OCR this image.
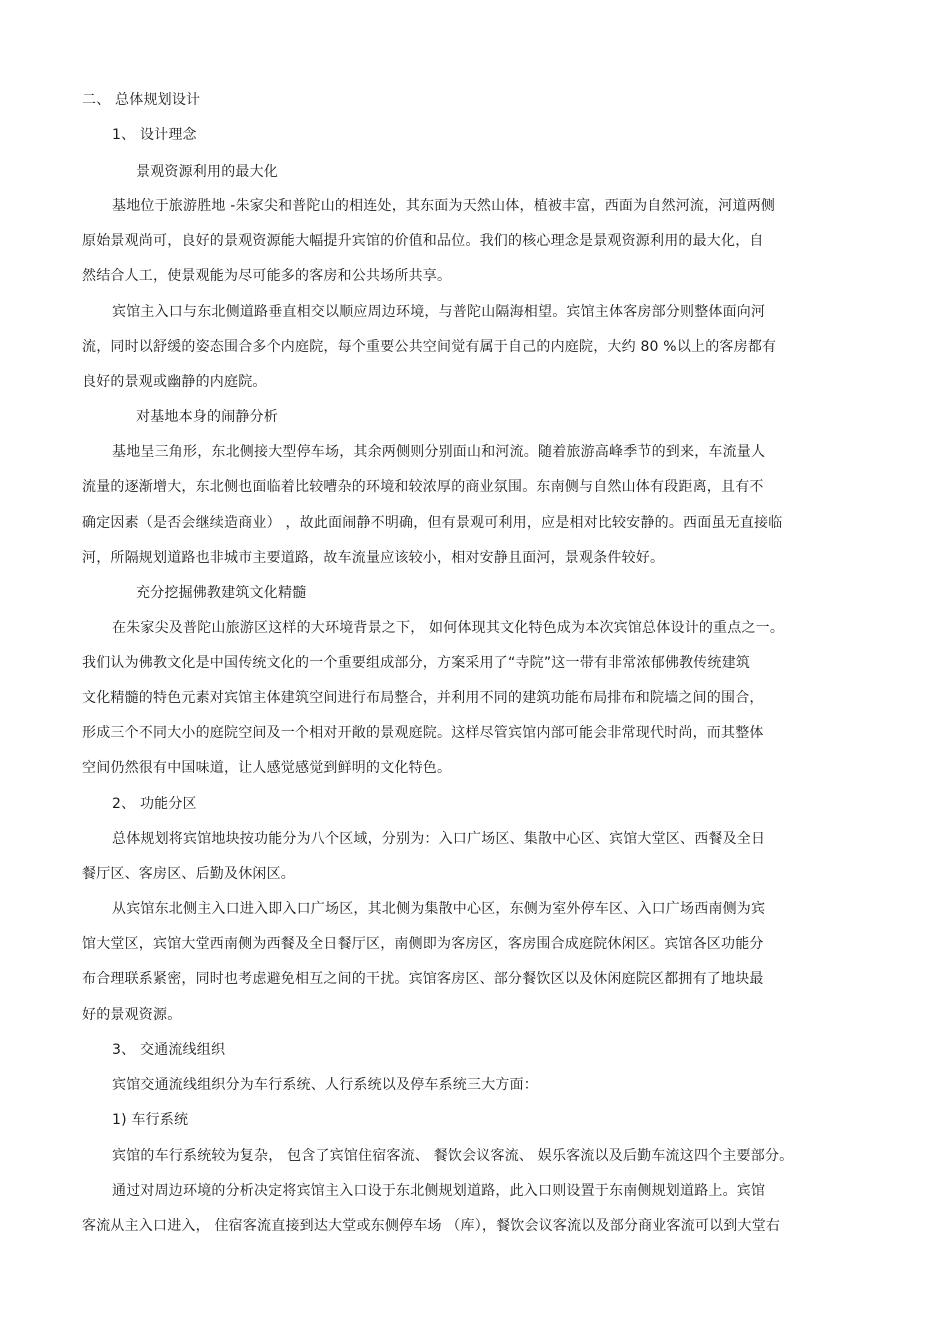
二、 总体规划设计
1、 设计理念
景观资源利用的最大化
基地位于旅游胜地 -朱家尖和普陀山的相连处，其东面为天然山体，植被丰富，西面为自然河流，河道两侧
原始景观尚可，良好的景观资源能大幅提升宾馆的价值和品位。我们的核心理念是景观资源利用的最大化，自
然结合人工，使景观能为尽可能多的客房和公共场所共享。
宾馆主入口与东北侧道路垂直相交以顺应周边环境，与普陀山隔海相望。宾馆主体客房部分则整体面向河
流，同时以舒缓的姿态围合多个内庭院，每个重要公共空间觉有属于自己的内庭院，大约 80 %以上的客房都有
良好的景观或幽静的内庭院。
对基地本身的闹静分析
基地呈三角形，东北侧接大型停车场，其余两侧则分别面山和河流。随着旅游高峰季节的到来，车流量人
流量的逐渐增大，东北侧也面临着比较嘈杂的环境和较浓厚的商业氛围。东南侧与自然山体有段距离，且有不
确定因素（是否会继续造商业） ，故此面闹静不明确，但有景观可利用，应是相对比较安静的。西面虽无直接临
河，所隔规划道路也非城市主要道路，故车流量应该较小，相对安静且面河，景观条件较好。
充分挖掘佛教建筑文化精髓
在朱家尖及普陀山旅游区这样的大环境背景之下， 如何体现其文化特色成为本次宾馆总体设计的重点之一。
我们认为佛教文化是中国传统文化的一个重要组成部分，方案采用了“寺院”这一带有非常浓郁佛教传统建筑
文化精髓的特色元素对宾馆主体建筑空间进行布局整合，并利用不同的建筑功能布局排布和院墙之间的围合，
形成三个不同大小的庭院空间及一个相对开敞的景观庭院。这样尽管宾馆内部可能会非常现代时尚，而其整体
空间仍然很有中国味道，让人感觉感觉到鲜明的文化特色。
2、 功能分区
总体规划将宾馆地块按功能分为八个区域，分别为：入口广场区、集散中心区、宾馆大堂区、西餐及全日
餐厅区、客房区、后勤及休闲区。
从宾馆东北侧主入口进入即入口广场区，其北侧为集散中心区，东侧为室外停车区、入口广场西南侧为宾
馆大堂区，宾馆大堂西南侧为西餐及全日餐厅区，南侧即为客房区，客房围合成庭院休闲区。宾馆各区功能分
布合理联系紧密，同时也考虑避免相互之间的干扰。宾馆客房区、部分餐饮区以及休闲庭院区都拥有了地块最
好的景观资源。
3、 交通流线组织
宾馆交通流线组织分为车行系统、人行系统以及停车系统三大方面：
1) 车行系统
宾馆的车行系统较为复杂， 包含了宾馆住宿客流、 餐饮会议客流、 娱乐客流以及后勤车流这四个主要部分。
通过对周边环境的分析决定将宾馆主入口设于东北侧规划道路，此入口则设置于东南侧规划道路上。宾馆
客流从主入口进入， 住宿客流直接到达大堂或东侧停车场 （库），餐饮会议客流以及部分商业客流可以到大堂右
